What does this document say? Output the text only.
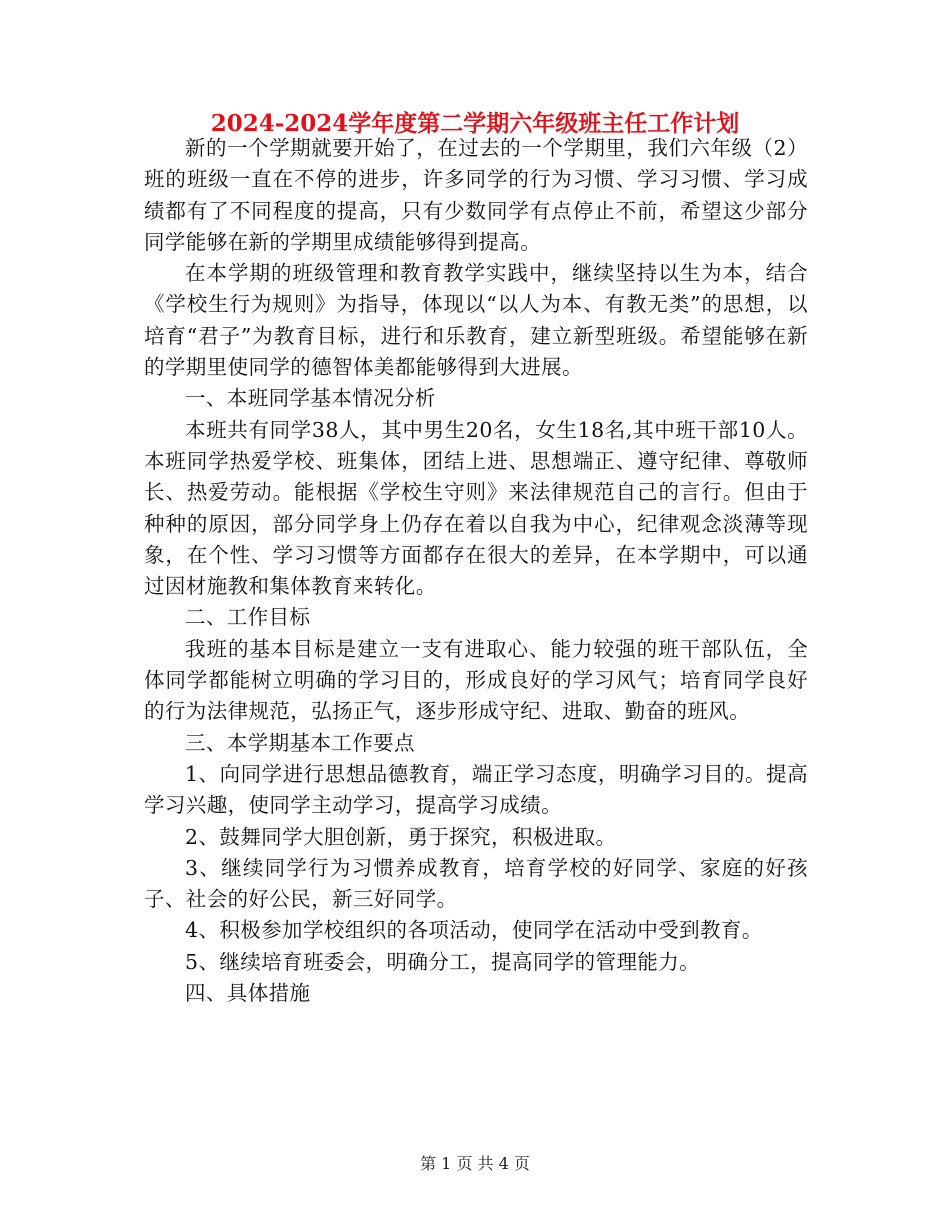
2024-2024学年度第二学期六年级班主任工作计划

新的一个学期就要开始了，在过去的一个学期里，我们六年级（2）班的班级一直在不停的进步，许多同学的行为习惯、学习习惯、学习成绩都有了不同程度的提高，只有少数同学有点停止不前，希望这少部分同学能够在新的学期里成绩能够得到提高。

在本学期的班级管理和教育教学实践中，继续坚持以生为本，结合《学校生行为规则》为指导，体现以“以人为本、有教无类”的思想，以培育“君子”为教育目标，进行和乐教育，建立新型班级。希望能够在新的学期里使同学的德智体美都能够得到大进展。

一、本班同学基本情况分析

本班共有同学38人，其中男生20名，女生18名,其中班干部10人。本班同学热爱学校、班集体，团结上进、思想端正、遵守纪律、尊敬师长、热爱劳动。能根据《学校生守则》来法律规范自己的言行。但由于种种的原因，部分同学身上仍存在着以自我为中心，纪律观念淡薄等现象，在个性、学习习惯等方面都存在很大的差异，在本学期中，可以通过因材施教和集体教育来转化。

二、工作目标

我班的基本目标是建立一支有进取心、能力较强的班干部队伍，全体同学都能树立明确的学习目的，形成良好的学习风气；培育同学良好的行为法律规范，弘扬正气，逐步形成守纪、进取、勤奋的班风。

三、本学期基本工作要点

1、向同学进行思想品德教育，端正学习态度，明确学习目的。提高学习兴趣，使同学主动学习，提高学习成绩。

2、鼓舞同学大胆创新，勇于探究，积极进取。

3、继续同学行为习惯养成教育，培育学校的好同学、家庭的好孩子、社会的好公民，新三好同学。

4、积极参加学校组织的各项活动，使同学在活动中受到教育。

5、继续培育班委会，明确分工，提高同学的管理能力。

四、具体措施

第 1 页 共 4 页
